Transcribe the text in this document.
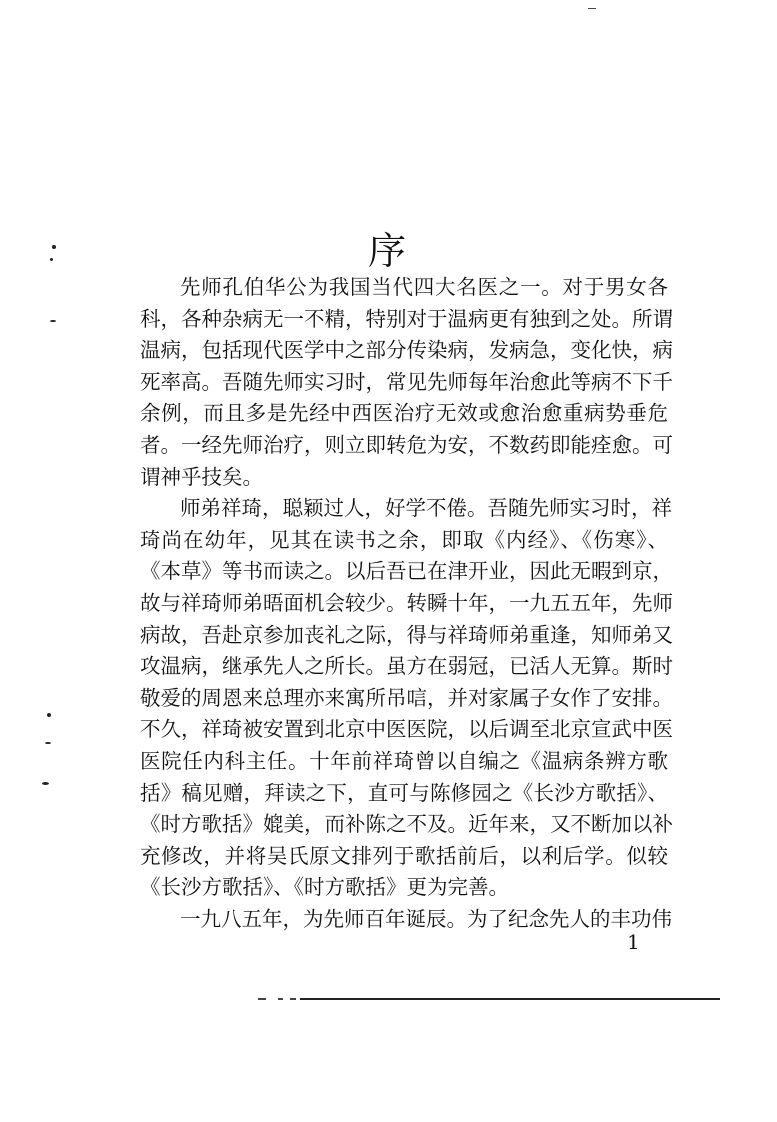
序
先师孔伯华公为我国当代四大名医之一。对于男女各
科，各种杂病无一不精，特别对于温病更有独到之处。所谓
温病，包括现代医学中之部分传染病，发病急，变化快，病
死率高。吾随先师实习时，常见先师每年治愈此等病不下千
余例，而且多是先经中西医治疗无效或愈治愈重病势垂危
者。一经先师治疗，则立即转危为安，不数药即能痊愈。可
谓神乎技矣。
师弟祥琦，聪颖过人，好学不倦。吾随先师实习时，祥
琦尚在幼年，见其在读书之余，即取《内经》、《伤寒》、
《本草》等书而读之。以后吾已在津开业，因此无暇到京，
故与祥琦师弟晤面机会较少。转瞬十年，一九五五年，先师
病故，吾赴京参加丧礼之际，得与祥琦师弟重逢，知师弟又
攻温病，继承先人之所长。虽方在弱冠，已活人无算。斯时
敬爱的周恩来总理亦来寓所吊唁，并对家属子女作了安排。
不久，祥琦被安置到北京中医医院，以后调至北京宣武中医
医院任内科主任。十年前祥琦曾以自编之《温病条辨方歌
括》稿见赠，拜读之下，直可与陈修园之《长沙方歌括》、
《时方歌括》媲美，而补陈之不及。近年来，又不断加以补
充修改，并将吴氏原文排列于歌括前后，以利后学。似较
《长沙方歌括》、《时方歌括》更为完善。
一九八五年，为先师百年诞辰。为了纪念先人的丰功伟
1
